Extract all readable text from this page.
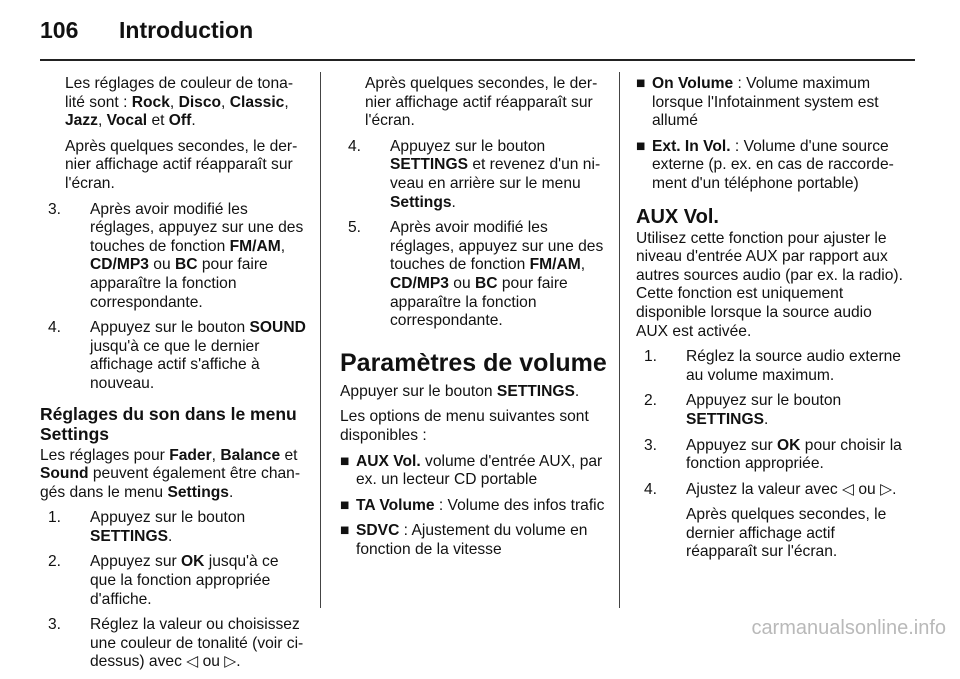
106 Introduction

Les réglages de couleur de tonalité sont : Rock, Disco, Classic, Jazz, Vocal et Off.

Après quelques secondes, le dernier affichage actif réapparaît sur l'écran.

3. Après avoir modifié les réglages, appuyez sur une des touches de fonction FM/AM, CD/MP3 ou BC pour faire apparaître la fonction correspondante.
4. Appuyez sur le bouton SOUND jusqu'à ce que le dernier affichage actif s'affiche à nouveau.
Réglages du son dans le menu Settings

Les réglages pour Fader, Balance et Sound peuvent également être changés dans le menu Settings.

1. Appuyez sur le bouton SETTINGS.
2. Appuyez sur OK jusqu'à ce que la fonction appropriée d'affiche.
3. Réglez la valeur ou choisissez une couleur de tonalité (voir ci-dessus) avec ◁ ou ▷.

Après quelques secondes, le dernier affichage actif réapparaît sur l'écran.

4. Appuyez sur le bouton SETTINGS et revenez d'un niveau en arrière sur le menu Settings.
5. Après avoir modifié les réglages, appuyez sur une des touches de fonction FM/AM, CD/MP3 ou BC pour faire apparaître la fonction correspondante.
Paramètres de volume

Appuyer sur le bouton SETTINGS.

Les options de menu suivantes sont disponibles :

■ AUX Vol. volume d'entrée AUX, par ex. un lecteur CD portable
■ TA Volume : Volume des infos trafic
■ SDVC : Ajustement du volume en fonction de la vitesse
■ On Volume : Volume maximum lorsque l'Infotainment system est allumé
■ Ext. In Vol. : Volume d'une source externe (p. ex. en cas de raccordement d'un téléphone portable)
AUX Vol.

Utilisez cette fonction pour ajuster le niveau d'entrée AUX par rapport aux autres sources audio (par ex. la radio). Cette fonction est uniquement disponible lorsque la source audio AUX est activée.

1. Réglez la source audio externe au volume maximum.
2. Appuyez sur le bouton SETTINGS.
3. Appuyez sur OK pour choisir la fonction appropriée.
4. Ajustez la valeur avec ◁ ou ▷.

Après quelques secondes, le dernier affichage actif réapparaît sur l'écran.

carmanualsonline.info
